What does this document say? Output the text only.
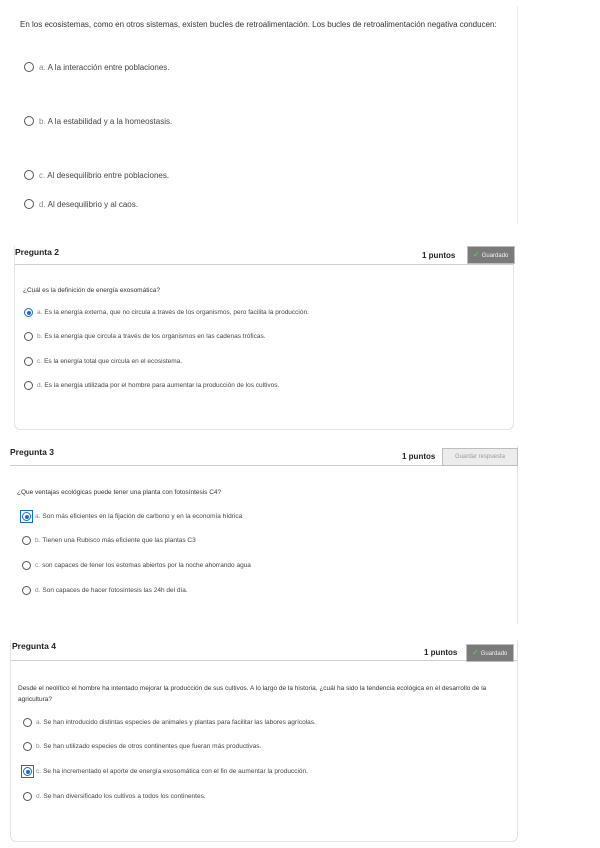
En los ecosistemas, como en otros sistemas, existen bucles de retroalimentación. Los bucles de retroalimentación negativa conducen:
a. A la interacción entre poblaciones.
b. A la estabilidad y a la homeostasis.
c. Al desequilibrio entre poblaciones.
d. Al desequilibrio y al caos.
Pregunta 2	1 puntos	✓ Guardado
¿Cuál es la definición de energía exosomática?
a. Es la energía externa, que no circula a través de los organismos, pero facilita la producción.
b. Es la energía que circula a través de los organismos en las cadenas tróficas.
c. Es la energía total que circula en el ecosistema.
d. Es la energía utilizada por el hombre para aumentar la producción de los cultivos.
Pregunta 3	1 puntos	Guardar respuesta
¿Que ventajas ecológicas puede tener una planta con fotosíntesis C4?
a. Son más eficientes en la fijación de carbono y en la economía hídrica
b. Tienen una Rubisco más eficiente que las plantas C3
c. son capaces de tener los estomas abiertos por la noche ahorrando agua
d. Son capaces de hacer fotosíntesis las 24h del día.
Pregunta 4
1 puntos	✓ Guardado
Desde el neolítico el hombre ha intentado mejorar la producción de sus cultivos. A lo largo de la historia, ¿cuál ha sido la tendencia ecológica en el desarrollo de la agricultura?
a. Se han introducido distintas especies de animales y plantas para facilitar las labores agrícolas.
b. Se han utilizado especies de otros continentes que fueran más productivas.
c. Se ha incrementado el aporte de energía exosomática con el fin de aumentar la producción.
d. Se han diversificado los cultivos a todos los continentes.
